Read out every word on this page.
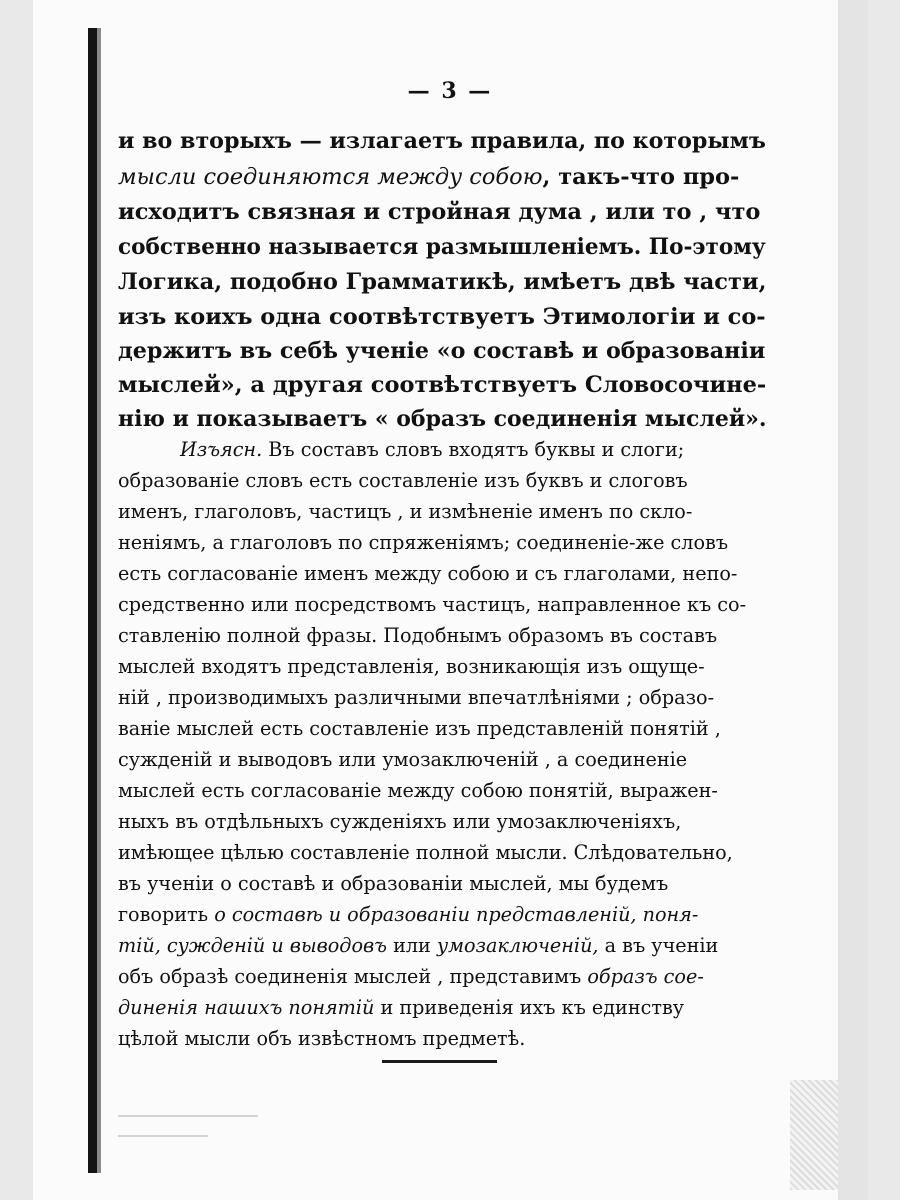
— 3 —
и во вторыхъ — излагаетъ правила, по которымъ
мысли соединяются между собою, такъ-что про-
исходитъ связная и стройная дума , или то , что
собственно называется размышленіемъ. По-этому
Логика, подобно Грамматикѣ, имѣетъ двѣ части,
изъ коихъ одна соотвѣтствуетъ Этимологіи и со-
держитъ въ себѣ ученіе «о составѣ и образованіи
мыслей», а другая соотвѣтствуетъ Словосочине-
нію и показываетъ « образъ соединенія мыслей».
Изъясн. Въ составъ словъ входятъ буквы и слоги;
образованіе словъ есть составленіе изъ буквъ и слоговъ
именъ, глаголовъ, частицъ , и измѣненіе именъ по скло-
неніямъ, а глаголовъ по спряженіямъ; соединеніе-же словъ
есть согласованіе именъ между собою и съ глаголами, непо-
средственно или посредствомъ частицъ, направленное къ со-
ставленію полной фразы. Подобнымъ образомъ въ составъ
мыслей входятъ представленія, возникающія изъ ощуще-
ній , производимыхъ различными впечатлѣніями ; образо-
ваніе мыслей есть составленіе изъ представленій понятій ,
сужденій и выводовъ или умозаключеній , а соединеніе
мыслей есть согласованіе между собою понятій, выражен-
ныхъ въ отдѣльныхъ сужденіяхъ или умозаключеніяхъ,
имѣющее цѣлью составленіе полной мысли. Слѣдовательно,
въ ученіи о составѣ и образованіи мыслей, мы будемъ
говорить о составѣ и образованіи представленій, поня-
тій, сужденій и выводовъ или умозаключеній, а въ ученіи
объ образѣ соединенія мыслей , представимъ образъ сое-
диненія нашихъ понятій и приведенія ихъ къ единству
цѣлой мысли объ извѣстномъ предметѣ.
